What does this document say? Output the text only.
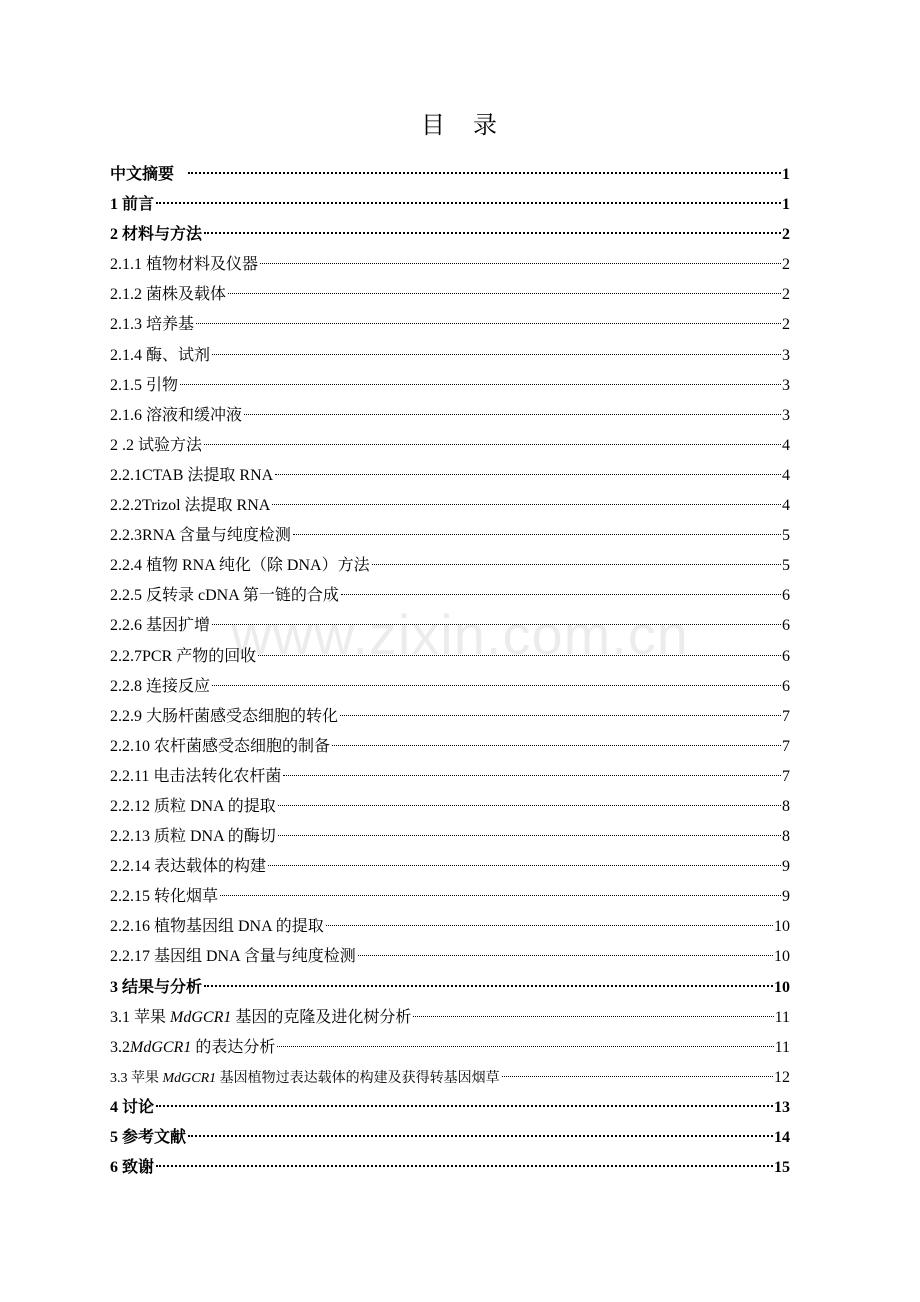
目　录
中文摘要	1
1 前言	1
2 材料与方法	2
2.1.1 植物材料及仪器	2
2.1.2 菌株及载体	2
2.1.3 培养基	2
2.1.4 酶、试剂	3
2.1.5 引物	3
2.1.6 溶液和缓冲液	3
2 .2 试验方法	4
2.2.1CTAB 法提取 RNA	4
2.2.2Trizol 法提取 RNA	4
2.2.3RNA 含量与纯度检测	5
2.2.4 植物 RNA 纯化（除 DNA）方法	5
2.2.5 反转录 cDNA 第一链的合成	6
2.2.6 基因扩增	6
2.2.7PCR 产物的回收	6
2.2.8 连接反应	6
2.2.9 大肠杆菌感受态细胞的转化	7
2.2.10 农杆菌感受态细胞的制备	7
2.2.11 电击法转化农杆菌	7
2.2.12 质粒 DNA 的提取	8
2.2.13 质粒 DNA 的酶切	8
2.2.14 表达载体的构建	9
2.2.15 转化烟草	9
2.2.16 植物基因组 DNA 的提取	10
2.2.17 基因组 DNA 含量与纯度检测	10
3 结果与分析	10
3.1 苹果 MdGCR1 基因的克隆及进化树分析	11
3.2MdGCR1 的表达分析	11
3.3 苹果 MdGCR1 基因植物过表达载体的构建及获得转基因烟草	12
4 讨论	13
5 参考文献	14
6 致谢	15
www.zixin.com.cn
